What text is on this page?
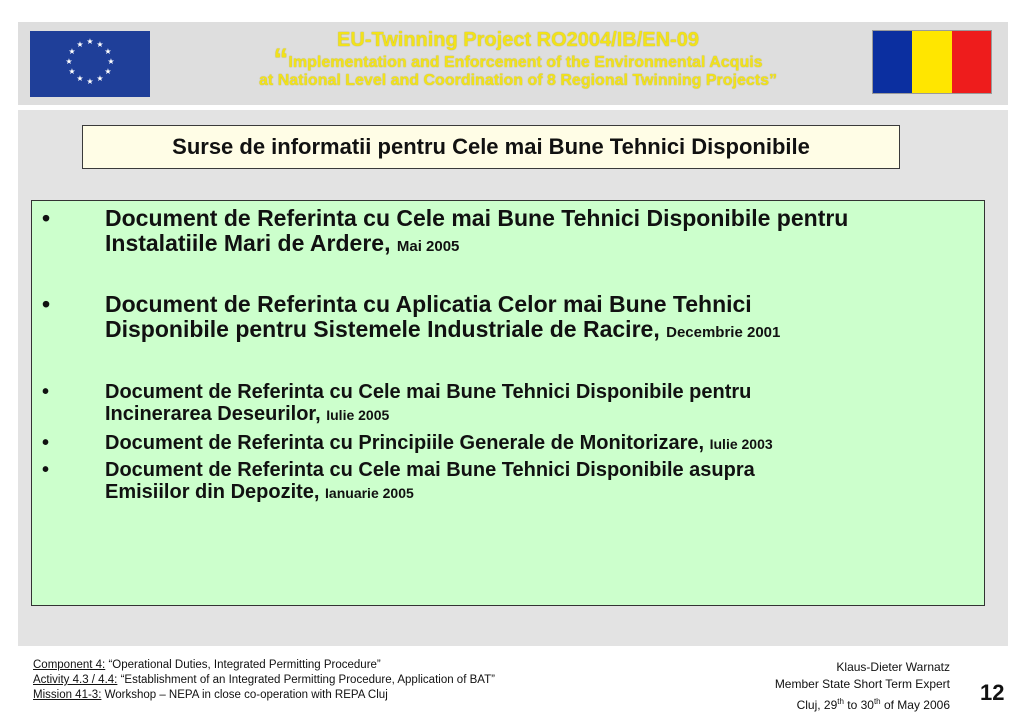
★ ★
★
★
★
★
★
★
★
★
★
★	EU-Twinning Project RO2004/IB/EN-09
“Implementation and Enforcement of the Environmental Acquis
at National Level and Coordination of 8 Regional Twinning Projects”
Surse de informatii pentru Cele mai Bune Tehnici Disponibile
• Document de Referinta cu Cele mai Bune Tehnici Disponibile pentru
Instalatiile Mari de Ardere, Mai 2005
• Document de Referinta cu Aplicatia Celor mai Bune Tehnici
Disponibile pentru Sistemele Industriale de Racire, Decembrie 2001
•	Document de Referinta cu Cele mai Bune Tehnici Disponibile pentru
Incinerarea Deseurilor, Iulie 2005
•	Document de Referinta cu Principiile Generale de Monitorizare, Iulie 2003
•	Document de Referinta cu Cele mai Bune Tehnici Disponibile asupra
Emisiilor din Depozite, Ianuarie 2005
Component 4: “Operational Duties, Integrated Permitting Procedure”
Activity 4.3 / 4.4: “Establishment of an Integrated Permitting Procedure, Application of BAT”
Mission 41-3: Workshop – NEPA in close co-operation with REPA Cluj
Klaus-Dieter Warnatz
Member State Short Term Expert
Cluj, 29th to 30th of May 2006 12
